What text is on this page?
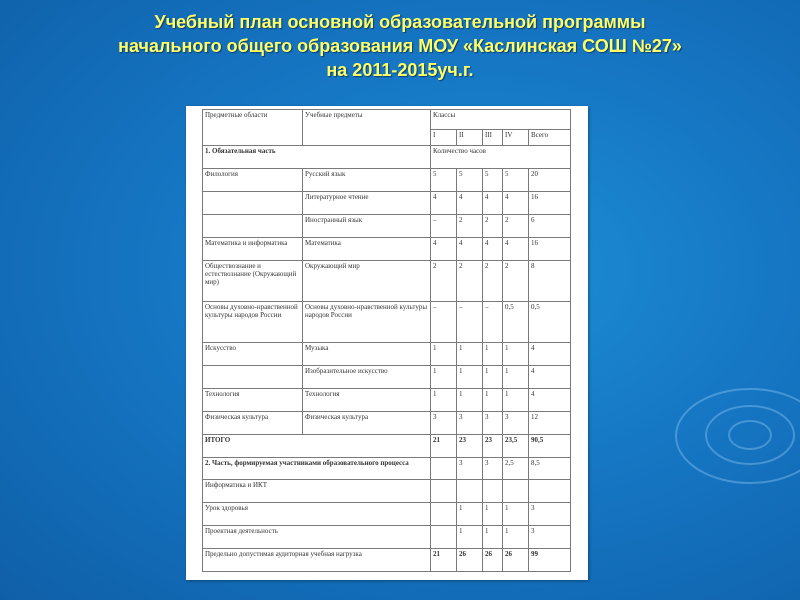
Учебный план основной образовательной программы
начального общего образования МОУ «Каслинская СОШ №27»
на 2011-2015уч.г.
Предметные области	Учебные предметы	Классы				
		I	II	III	IV	Всего
1. Обязательная часть		Количество часов				
Филология	Русский язык	5	5	5	5	20
	Литературное чтение	4	4	4	4	16
	Иностранный язык	–	2	2	2	6
Математика и информатика	Математика	4	4	4	4	16
Обществознание и естествознание (Окружающий мир)	Окружающий мир	2	2	2	2	8
Основы духовно-нравственной культуры народов России	Основы духовно-нравственной культуры народов России	–	–	–	0,5	0,5
Искусство	Музыка	1	1	1	1	4
	Изобразительное искусство	1	1	1	1	4
Технология	Технология	1	1	1	1	4
Физическая культура	Физическая культура	3	3	3	3	12
ИТОГО		21	23	23	23,5	90,5
2. Часть, формируемая участниками образовательного процесса			3	3	2,5	8,5
Информатика и ИКТ						
Урок здоровья			1	1	1	3
Проектная деятельность			1	1	1	3
Предельно допустимая аудиторная учебная нагрузка		21	26	26	26	99
